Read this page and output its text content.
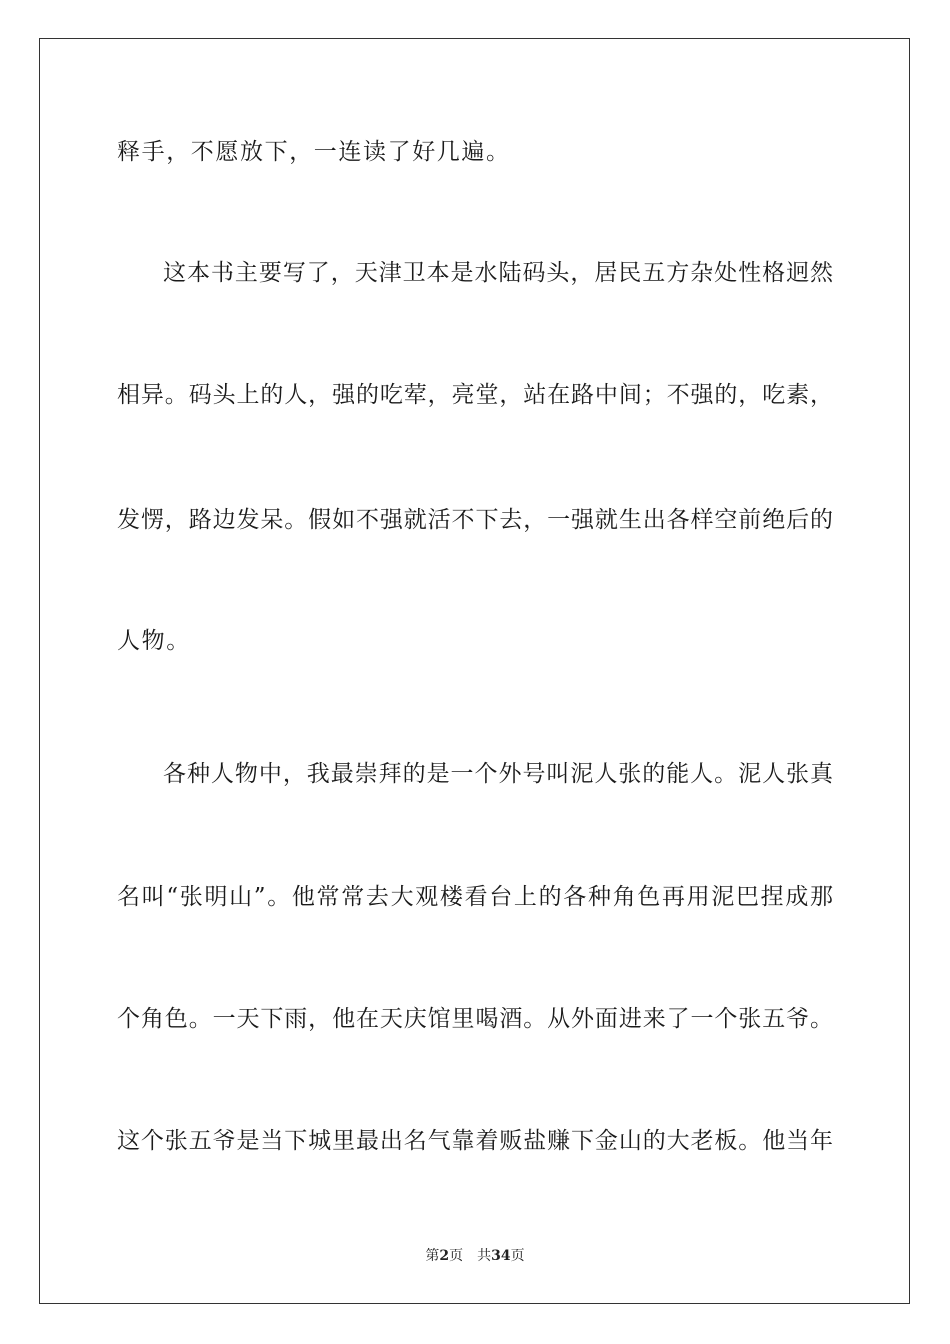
释手，不愿放下，一连读了好几遍。
这本书主要写了，天津卫本是水陆码头，居民五方杂处性格迥然
相异。码头上的人，强的吃荤，亮堂，站在路中间；不强的，吃素，
发愣，路边发呆。假如不强就活不下去，一强就生出各样空前绝后的
人物。
各种人物中，我最崇拜的是一个外号叫泥人张的能人。泥人张真
名叫“张明山”。他常常去大观楼看台上的各种角色再用泥巴捏成那
个角色。一天下雨，他在天庆馆里喝酒。从外面进来了一个张五爷。
这个张五爷是当下城里最出名气靠着贩盐赚下金山的大老板。他当年
第2页 共34页
